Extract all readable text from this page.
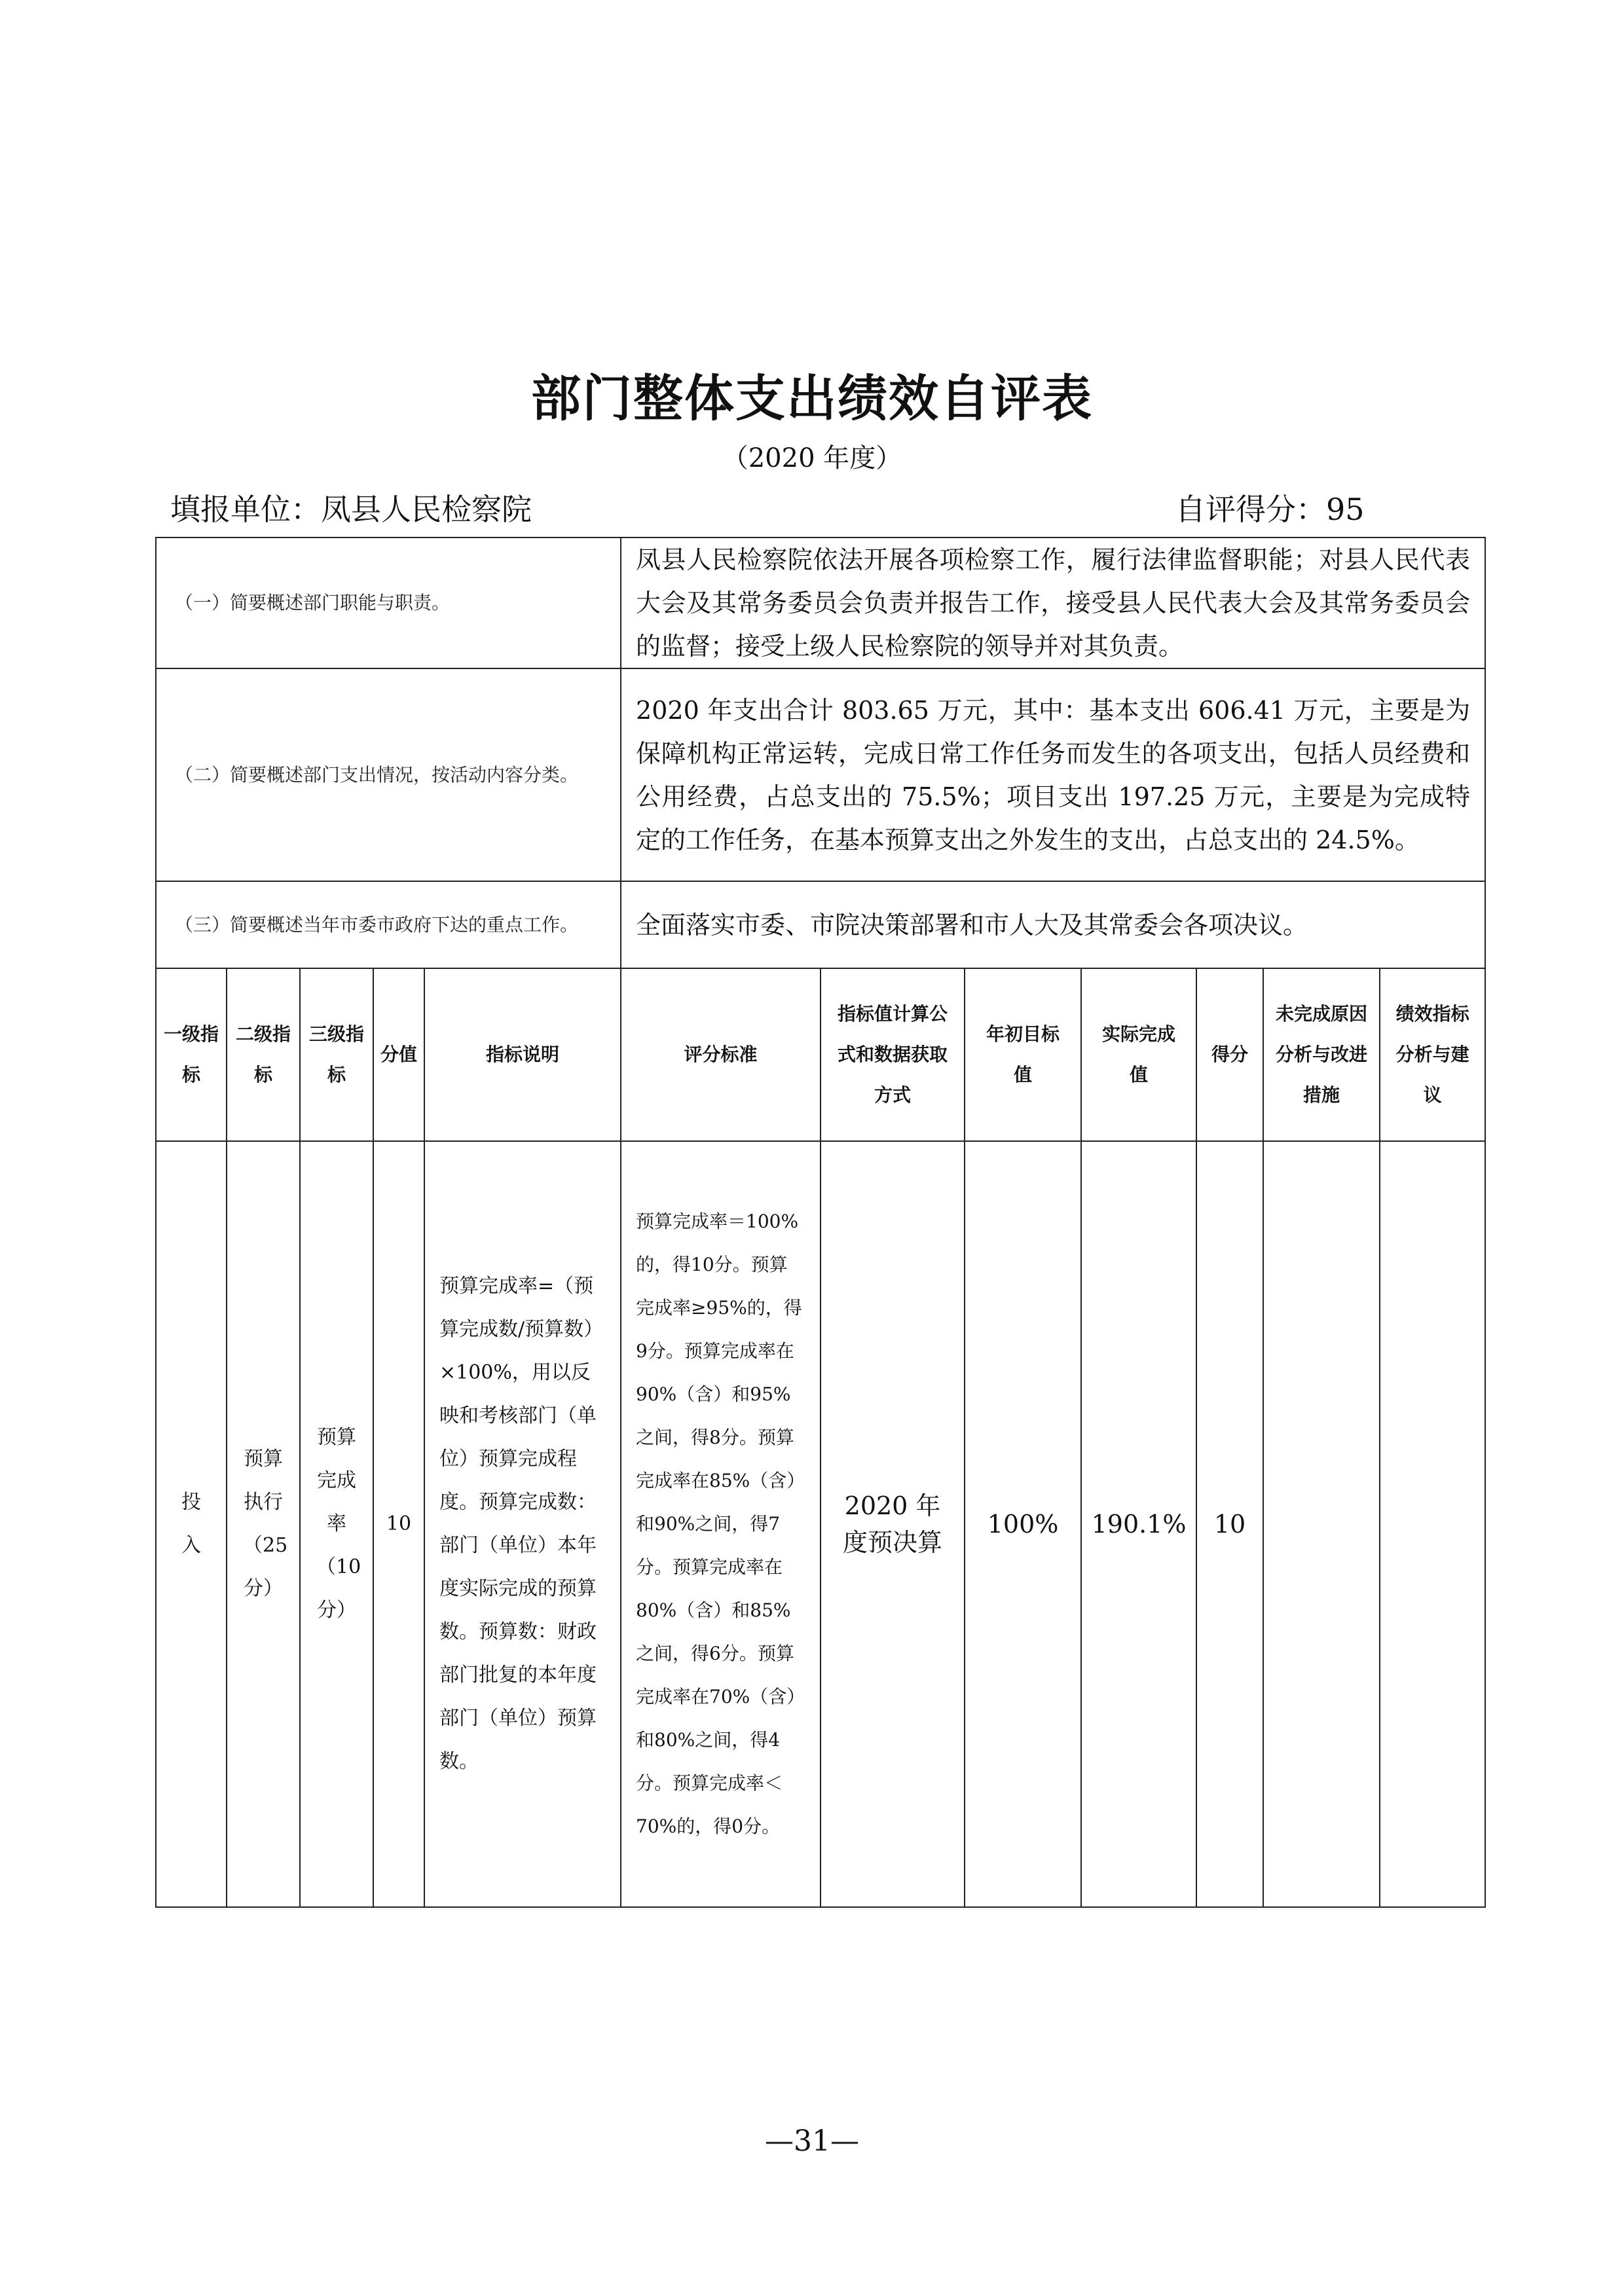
部门整体支出绩效自评表
（2020 年度）
填报单位：凤县人民检察院	自评得分：95
（一）简要概述部门职能与职责。					凤县人民检察院依法开展各项检察工作，履行法律监督职能；对县人民代表大会及其常务委员会负责并报告工作，接受县人民代表大会及其常务委员会的监督；接受上级人民检察院的领导并对其负责。						
（二）简要概述部门支出情况，按活动内容分类。					2020 年支出合计 803.65 万元，其中：基本支出 606.41 万元，主要是为保障机构正常运转，完成日常工作任务而发生的各项支出，包括人员经费和公用经费，占总支出的 75.5%；项目支出 197.25 万元，主要是为完成特定的工作任务，在基本预算支出之外发生的支出，占总支出的 24.5%。						
（三）简要概述当年市委市政府下达的重点工作。					全面落实市委、市院决策部署和市人大及其常委会各项决议。						
一级指标	二级指标	三级指标	分值	指标说明	评分标准	指标值计算公式和数据获取方式	年初目标值	实际完成值	得分	未完成原因分析与改进措施	绩效指标分析与建议
投入	预算执行（25分）	预算完成率（10分）	10	预算完成率=（预算完成数/预算数）×100%，用以反映和考核部门（单位）预算完成程度。预算完成数：部门（单位）本年度实际完成的预算数。预算数：财政部门批复的本年度部门（单位）预算数。	预算完成率＝100%的，得10分。预算完成率≥95%的，得9分。预算完成率在90%（含）和95%之间，得8分。预算完成率在85%（含）和90%之间，得7分。预算完成率在80%（含）和85%之间，得6分。预算完成率在70%（含）和80%之间，得4分。预算完成率＜70%的，得0分。	2020 年度预决算	100%	190.1%	10		
—31—
